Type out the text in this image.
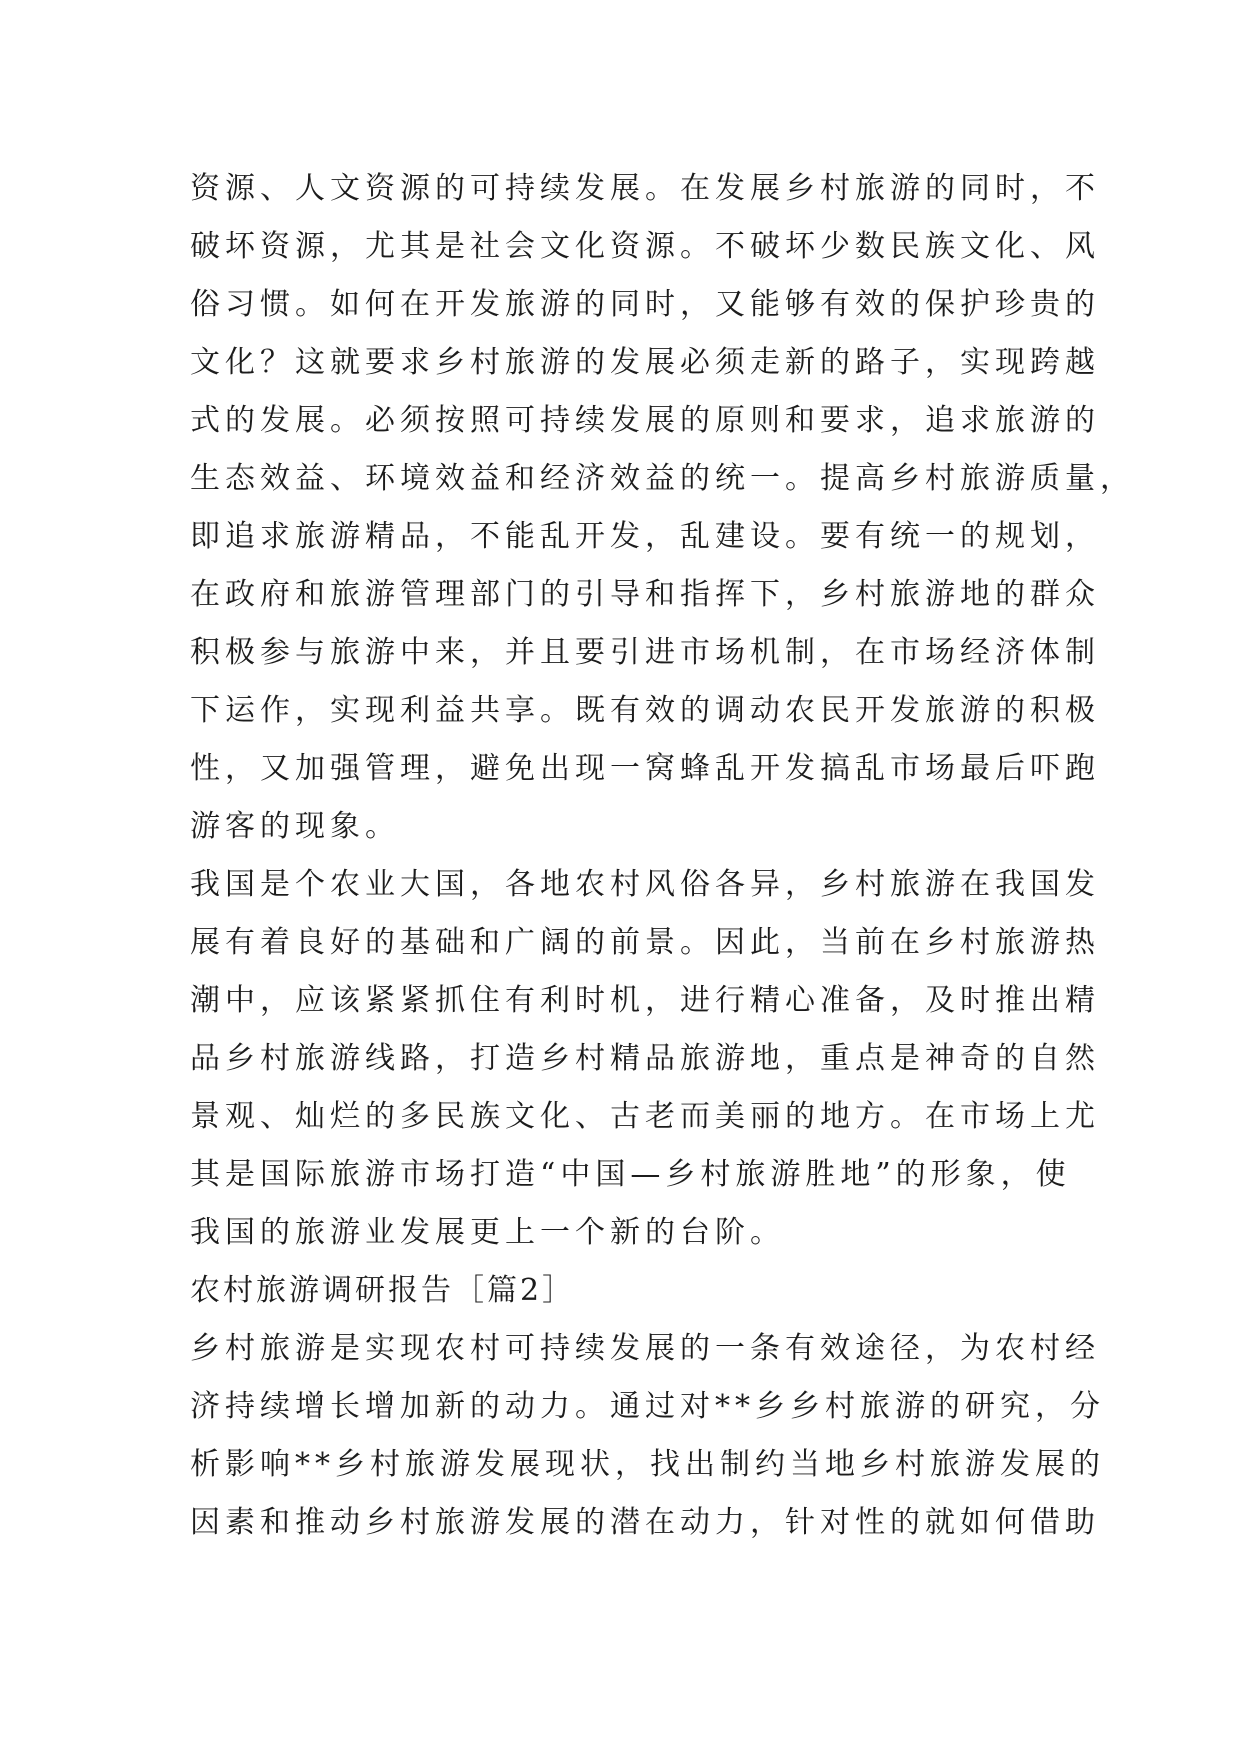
资源、人文资源的可持续发展。在发展乡村旅游的同时，不
破坏资源，尤其是社会文化资源。不破坏少数民族文化、风
俗习惯。如何在开发旅游的同时，又能够有效的保护珍贵的
文化？这就要求乡村旅游的发展必须走新的路子，实现跨越
式的发展。必须按照可持续发展的原则和要求，追求旅游的
生态效益、环境效益和经济效益的统一。提高乡村旅游质量，
即追求旅游精品，不能乱开发，乱建设。要有统一的规划，
在政府和旅游管理部门的引导和指挥下，乡村旅游地的群众
积极参与旅游中来，并且要引进市场机制，在市场经济体制
下运作，实现利益共享。既有效的调动农民开发旅游的积极
性，又加强管理，避免出现一窝蜂乱开发搞乱市场最后吓跑
游客的现象。
我国是个农业大国，各地农村风俗各异，乡村旅游在我国发
展有着良好的基础和广阔的前景。因此，当前在乡村旅游热
潮中，应该紧紧抓住有利时机，进行精心准备，及时推出精
品乡村旅游线路，打造乡村精品旅游地，重点是神奇的自然
景观、灿烂的多民族文化、古老而美丽的地方。在市场上尤
其是国际旅游市场打造“中国—乡村旅游胜地”的形象，使
我国的旅游业发展更上一个新的台阶。
农村旅游调研报告［篇2］
乡村旅游是实现农村可持续发展的一条有效途径，为农村经
济持续增长增加新的动力。通过对**乡乡村旅游的研究，分
析影响**乡村旅游发展现状，找出制约当地乡村旅游发展的
因素和推动乡村旅游发展的潜在动力，针对性的就如何借助
